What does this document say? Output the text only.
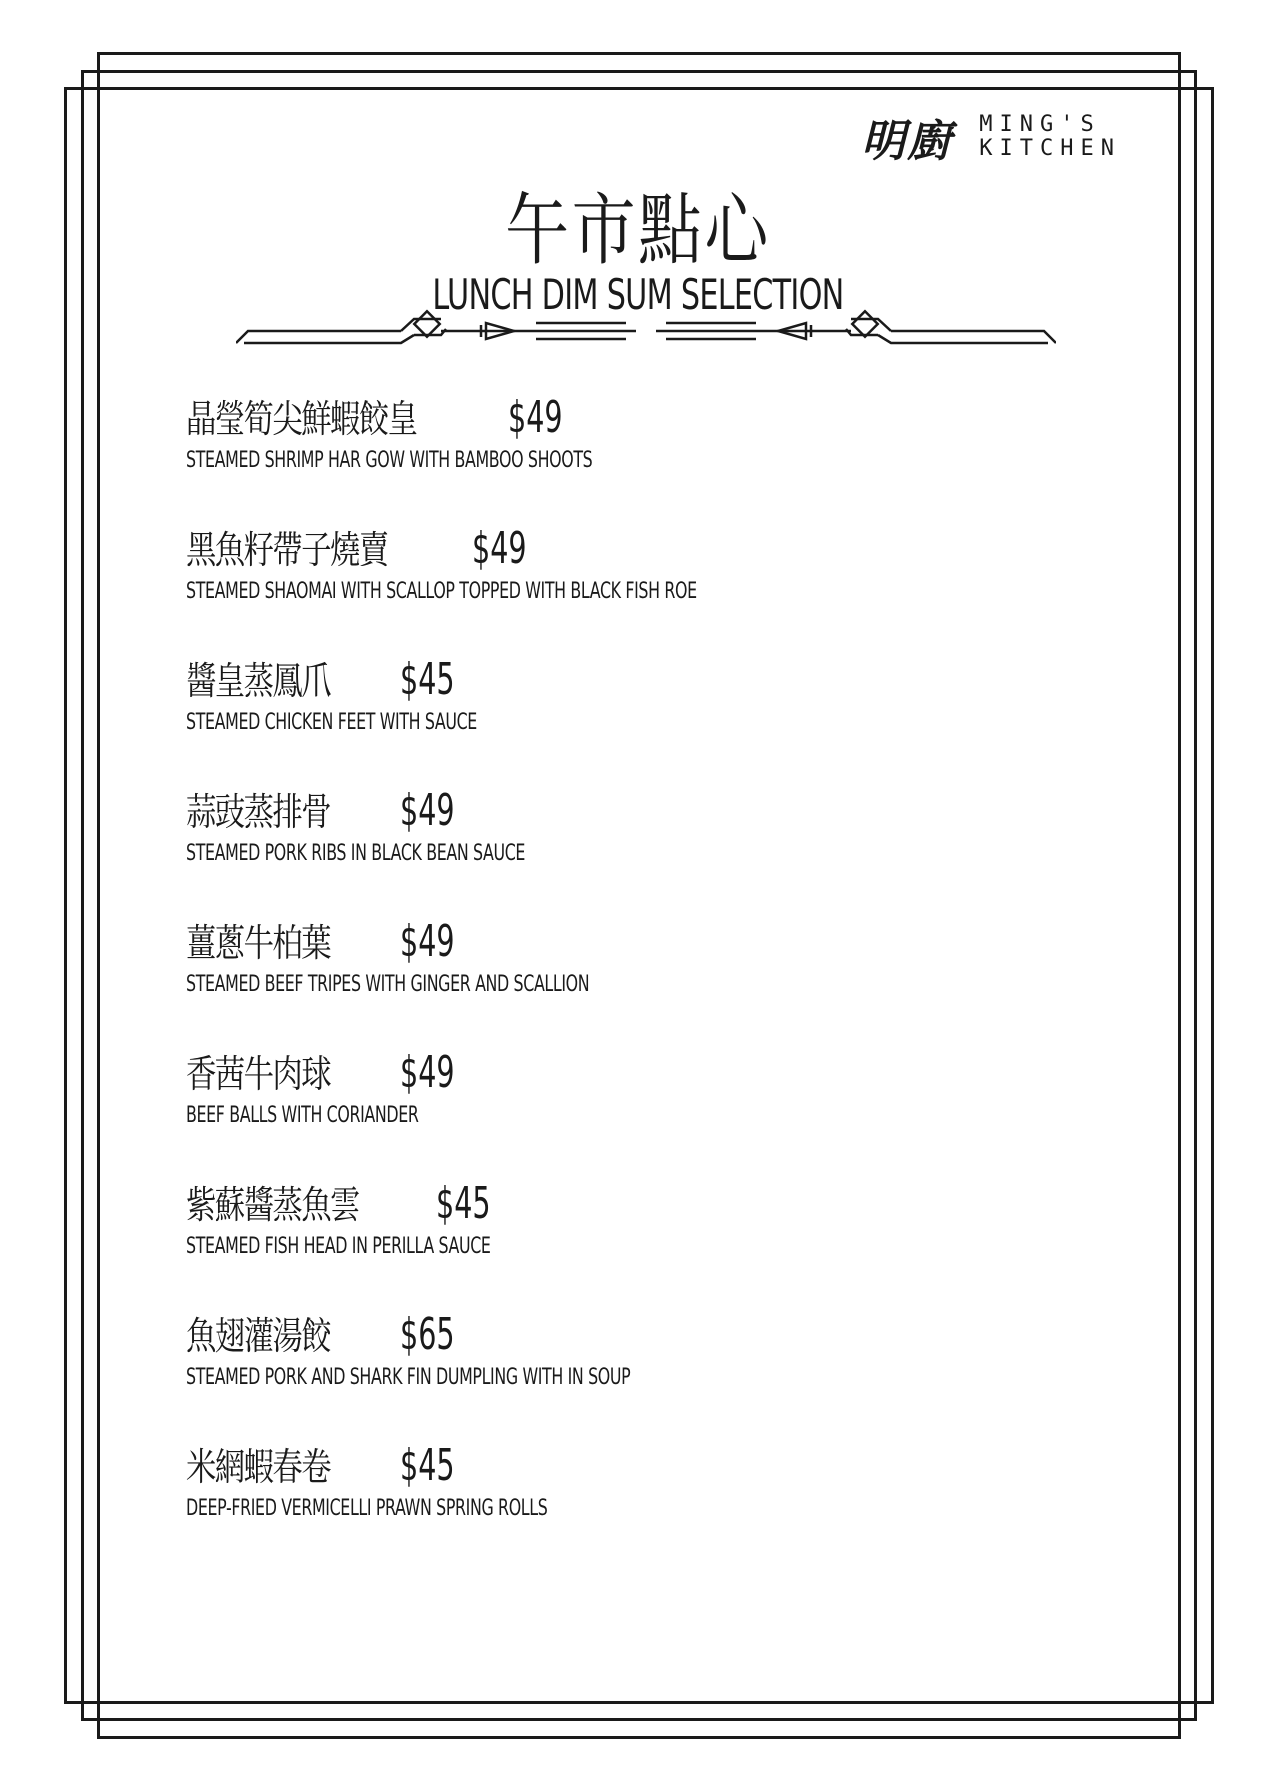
明廚 MING'S
KITCHEN
午市點心
LUNCH DIM SUM SELECTION
晶瑩筍尖鮮蝦餃皇 $49
STEAMED SHRIMP HAR GOW WITH BAMBOO SHOOTS
黑魚籽帶子燒賣 $49
STEAMED SHAOMAI WITH SCALLOP TOPPED WITH BLACK FISH ROE
醬皇蒸鳳爪 $45
STEAMED CHICKEN FEET WITH SAUCE
蒜豉蒸排骨 $49
STEAMED PORK RIBS IN BLACK BEAN SAUCE
薑蔥牛柏葉 $49
STEAMED BEEF TRIPES WITH GINGER AND SCALLION
香茜牛肉球 $49
BEEF BALLS WITH CORIANDER
紫蘇醬蒸魚雲 $45
STEAMED FISH HEAD IN PERILLA SAUCE
魚翅灌湯餃 $65
STEAMED PORK AND SHARK FIN DUMPLING WITH IN SOUP
米網蝦春卷 $45
DEEP-FRIED VERMICELLI PRAWN SPRING ROLLS
